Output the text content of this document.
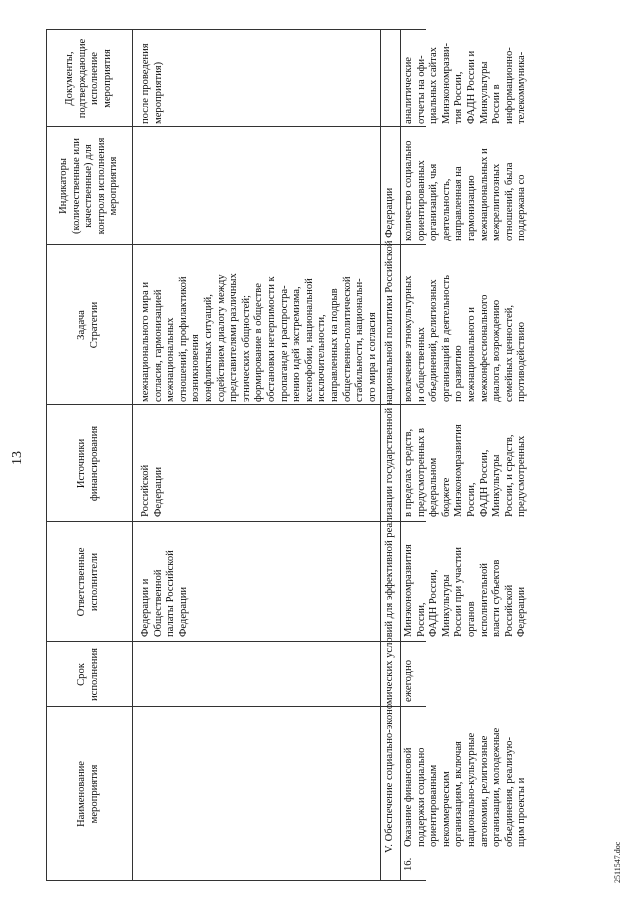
13

Наименование
мероприятия

Срок
исполнения

Ответственные
исполнители

Источники
финансирования

Задача
Стратегии

Индикаторы
(количественные или
качественные) для
контроля исполнения
мероприятия

Документы,
подтверждающие
исполнение
мероприятия

Федерации и
Общественной
палаты Российской
Федерации
Российской
Федерации
межнационального мира и
согласия, гармонизацией
межнациональных
отношений, профилактикой
возникновения
конфликтных ситуаций,
содействием диалогу между
представителями различных
этнических общностей;
формирование в обществе
обстановки нетерпимости к
пропаганде и распростра-
нению идей экстремизма,
ксенофобии, национальной
исключительности,
направленных на подрыв
общественно-политической
стабильности, национальн-
ого мира и согласия
после проведения
мероприятия)
V. Обеспечение социально-экономических условий для эффективной реализации государственной национальной политики Российской Федерации
16.
Оказание финансовой
поддержки социально
ориентированным
некоммерческим
организациям, включая
национально-культурные
автономии, религиозные
организации, молодежные
объединения, реализую-
щим проекты и
ежегодно
Минэкономразвития
России,
ФАДН России,
Минкультуры
России при участии
органов
исполнительной
власти субъектов
Российской
Федерации
в пределах средств,
предусмотренных в
федеральном
бюджете
Минэкономразвития
России,
ФАДН России,
Минкультуры
России, и средств,
предусмотренных
вовлечение этнокультурных
и общественных
объединений, религиозных
организаций в деятельность
по развитию
межнационального и
межконфессионального
диалога, возрождению
семейных ценностей,
противодействию
количество социально
ориентированных
организаций, чья
деятельность,
направленная на
гармонизацию
межнациональных и
межрелигиозных
отношений, была
поддержана со
аналитические
отчеты на офи-
циальных сайтах
Минэкономразви-
тия России,
ФАДН России и
Минкультуры
России в
информационно-
телекоммуника-
2511547.doc
